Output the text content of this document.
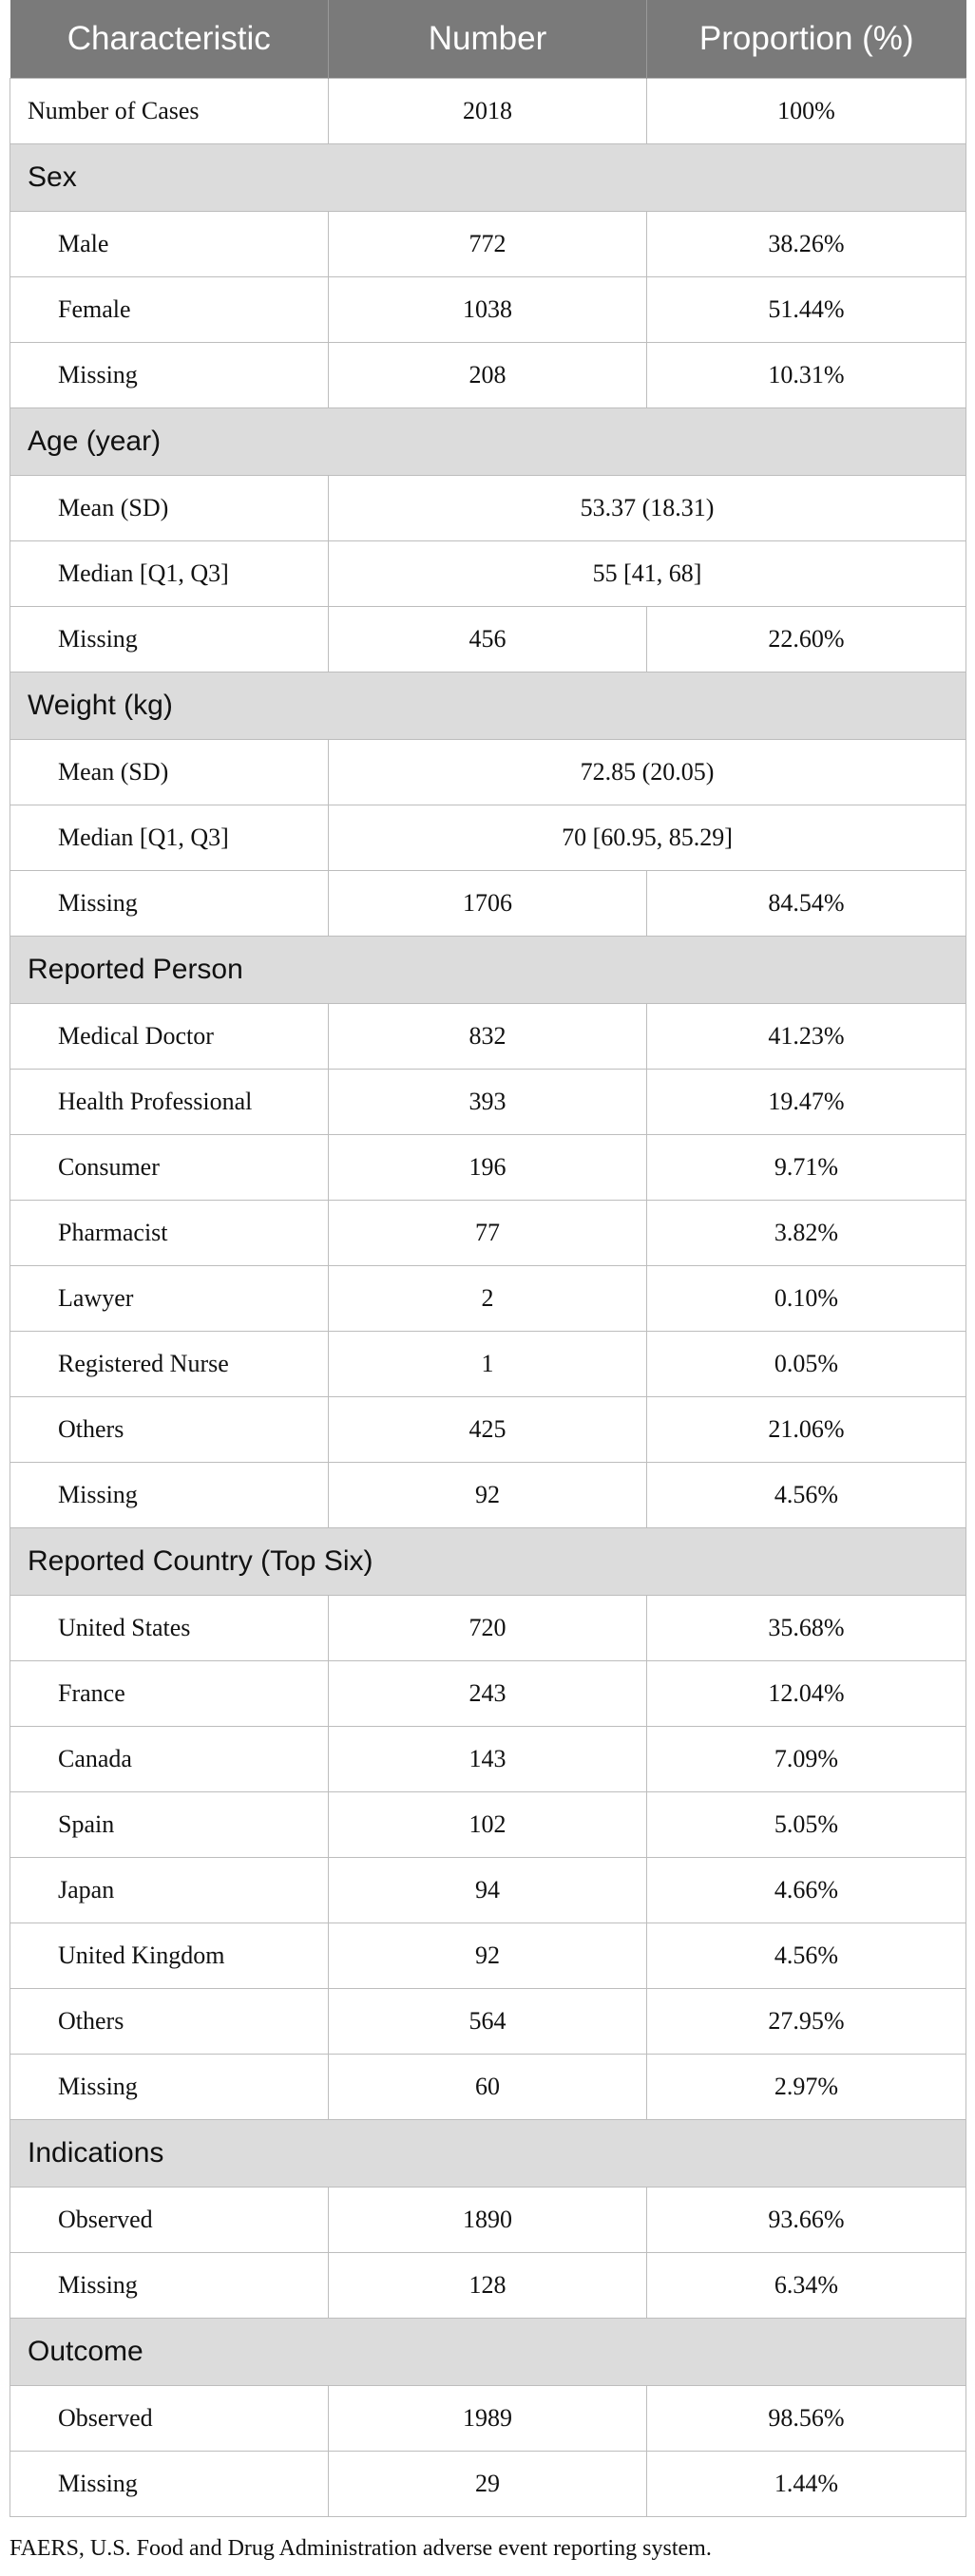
Characteristic	Number	Proportion (%)
Number of Cases	2018	100%
Sex		
Male	772	38.26%
Female	1038	51.44%
Missing	208	10.31%
Age (year)		
Mean (SD)	53.37 (18.31)	
Median [Q1, Q3]	55 [41, 68]	
Missing	456	22.60%
Weight (kg)		
Mean (SD)	72.85 (20.05)	
Median [Q1, Q3]	70 [60.95, 85.29]	
Missing	1706	84.54%
Reported Person		
Medical Doctor	832	41.23%
Health Professional	393	19.47%
Consumer	196	9.71%
Pharmacist	77	3.82%
Lawyer	2	0.10%
Registered Nurse	1	0.05%
Others	425	21.06%
Missing	92	4.56%
Reported Country (Top Six)		
United States	720	35.68%
France	243	12.04%
Canada	143	7.09%
Spain	102	5.05%
Japan	94	4.66%
United Kingdom	92	4.56%
Others	564	27.95%
Missing	60	2.97%
Indications		
Observed	1890	93.66%
Missing	128	6.34%
Outcome		
Observed	1989	98.56%
Missing	29	1.44%
FAERS, U.S. Food and Drug Administration adverse event reporting system.
